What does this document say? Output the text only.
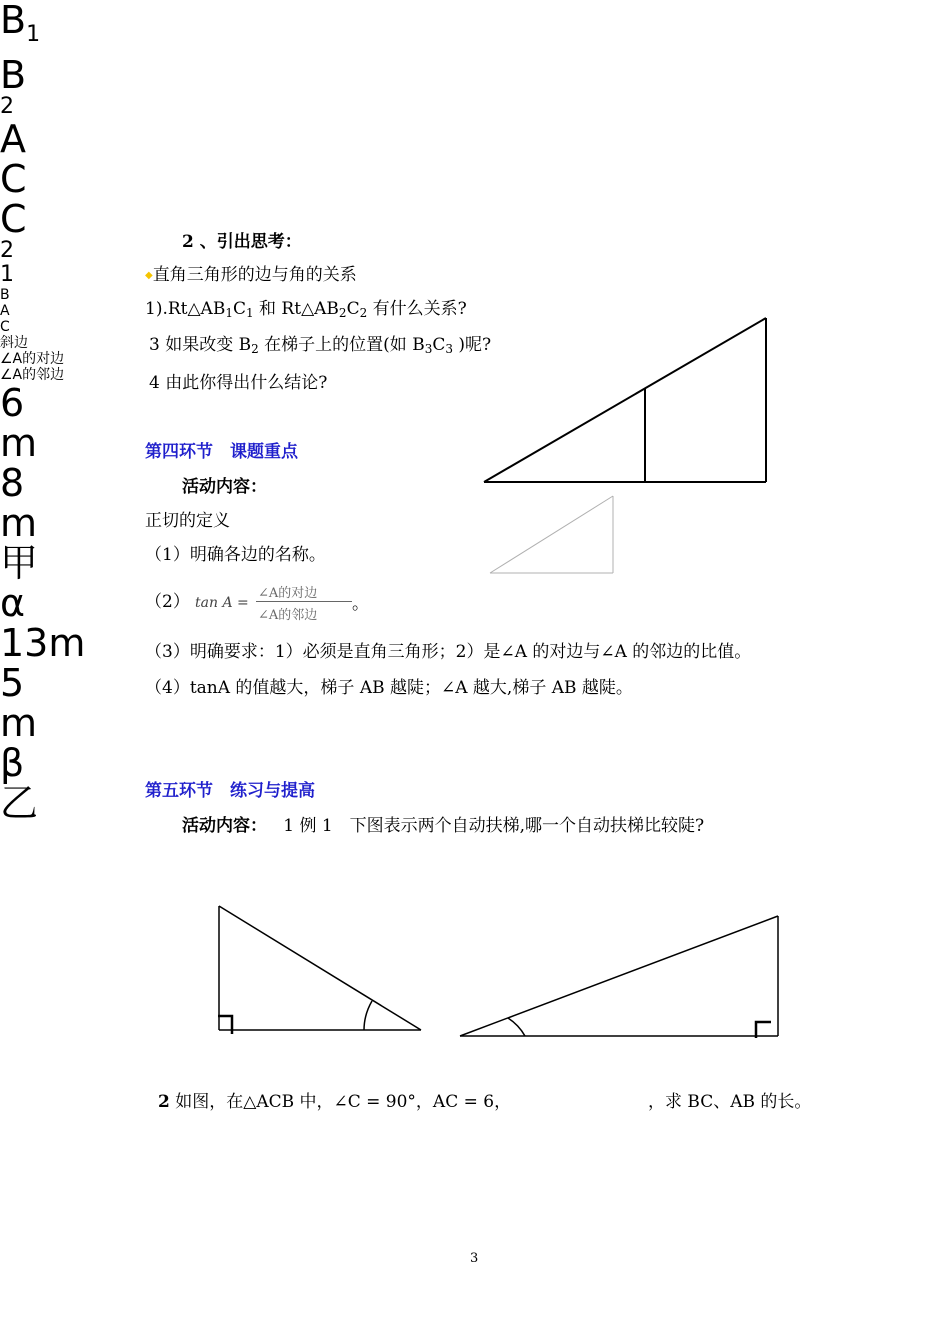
2 、引出思考：
◆直角三角形的边与角的关系
$1).Rt\triangle AB_1C_1$ 和 $Rt\triangle AB_2C_2$ 有什么关系?
3 如果改变 $B_2$ 在梯子上的位置(如 $B_3C_3$ )呢?
4 由此你得出什么结论?
第四环节　课题重点
活动内容：
正切的定义
（1）明确各边的名称。
（2） tan A =
∠A的对边
∠A的邻边
。
（3）明确要求：1）必须是直角三角形；2）是∠A 的对边与∠A 的邻边的比值。
（4）tanA 的值越大，梯子 AB 越陡；∠A 越大,梯子 AB 越陡。
$B_1$
B
2
A
C
C
2
1
B
A
C
斜边
∠A的对边
∠A的邻边
第五环节　练习与提高
活动内容： 1 例 1　下图表示两个自动扶梯,哪一个自动扶梯比较陡?
6
m
8
m
甲
α
13m
5
m
β
乙
2 如图，在△ACB 中，∠C = 90°，AC = 6，	，求 BC、AB 的长。
3
